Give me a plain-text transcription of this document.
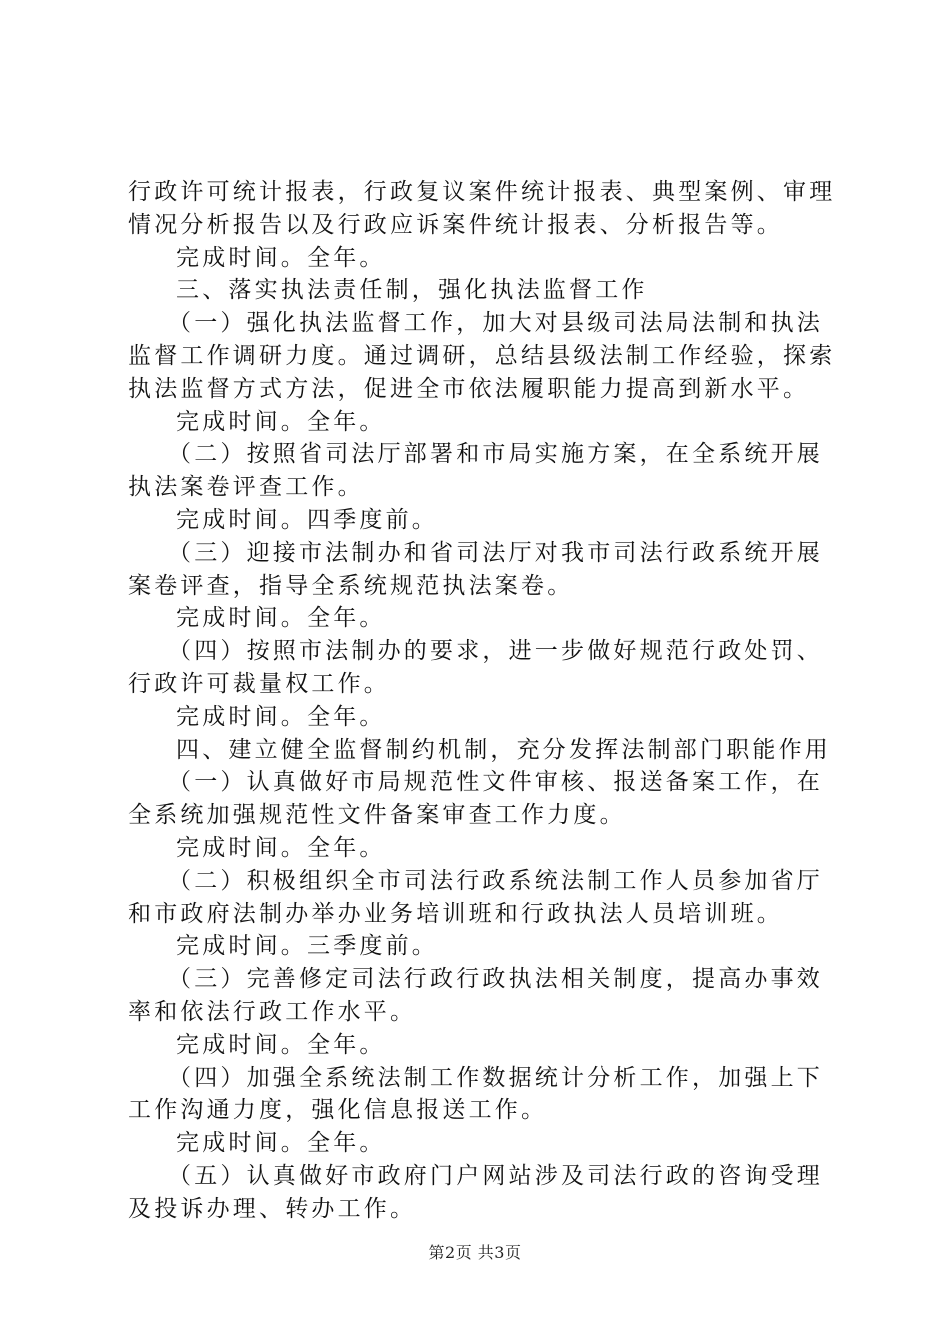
行政许可统计报表，行政复议案件统计报表、典型案例、审理
情况分析报告以及行政应诉案件统计报表、分析报告等。
完成时间。全年。
三、落实执法责任制，强化执法监督工作
（一）强化执法监督工作，加大对县级司法局法制和执法
监督工作调研力度。通过调研，总结县级法制工作经验，探索
执法监督方式方法，促进全市依法履职能力提高到新水平。
完成时间。全年。
（二）按照省司法厅部署和市局实施方案，在全系统开展
执法案卷评查工作。
完成时间。四季度前。
（三）迎接市法制办和省司法厅对我市司法行政系统开展
案卷评查，指导全系统规范执法案卷。
完成时间。全年。
（四）按照市法制办的要求，进一步做好规范行政处罚、
行政许可裁量权工作。
完成时间。全年。
四、建立健全监督制约机制，充分发挥法制部门职能作用
（一）认真做好市局规范性文件审核、报送备案工作，在
全系统加强规范性文件备案审查工作力度。
完成时间。全年。
（二）积极组织全市司法行政系统法制工作人员参加省厅
和市政府法制办举办业务培训班和行政执法人员培训班。
完成时间。三季度前。
（三）完善修定司法行政行政执法相关制度，提高办事效
率和依法行政工作水平。
完成时间。全年。
（四）加强全系统法制工作数据统计分析工作，加强上下
工作沟通力度，强化信息报送工作。
完成时间。全年。
（五）认真做好市政府门户网站涉及司法行政的咨询受理
及投诉办理、转办工作。

第2页 共3页
